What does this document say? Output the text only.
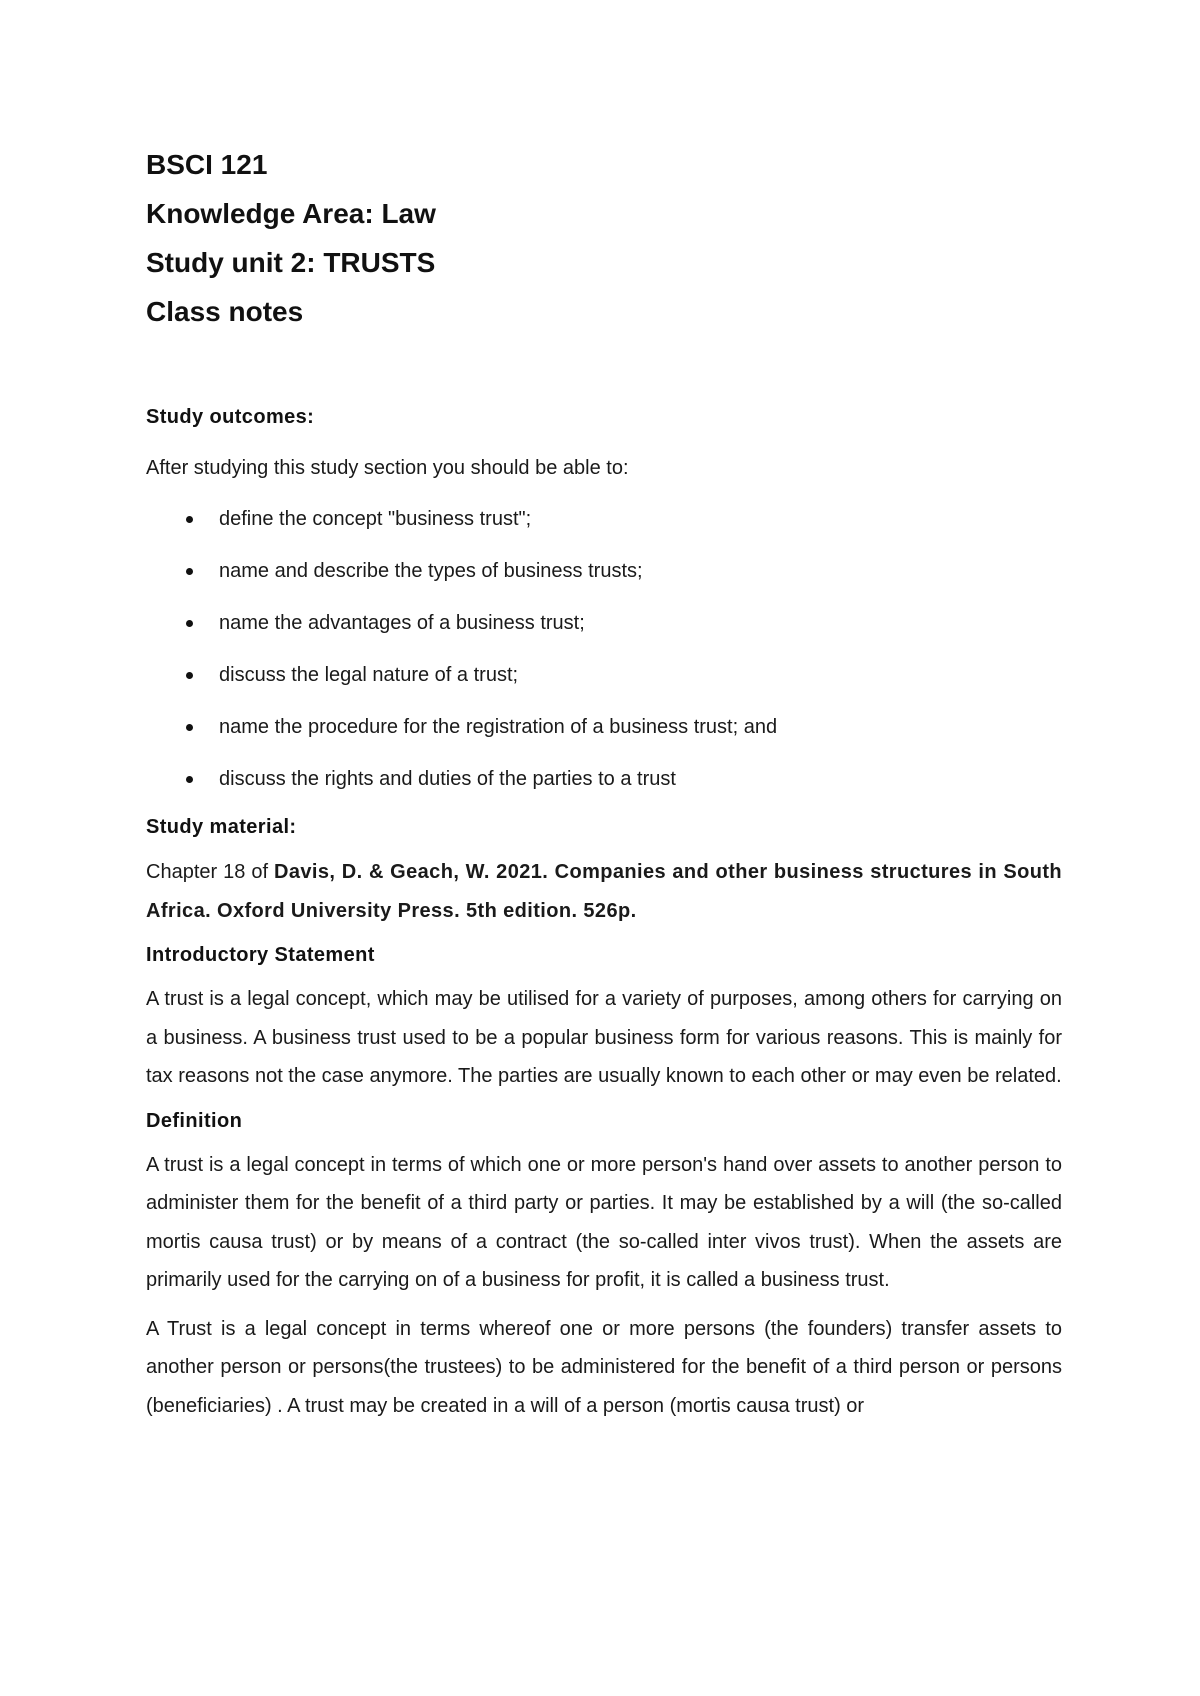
BSCI 121

Knowledge Area: Law

Study unit 2: TRUSTS

Class notes

Study outcomes:

After studying this study section you should be able to:

define the concept "business trust";
name and describe the types of business trusts;
name the advantages of a business trust;
discuss the legal nature of a trust;
name the procedure for the registration of a business trust; and
discuss the rights and duties of the parties to a trust

Study material:

Chapter 18 of Davis, D. & Geach, W. 2021. Companies and other business structures in South Africa. Oxford University Press. 5th edition. 526p.

Introductory Statement

A trust is a legal concept, which may be utilised for a variety of purposes, among others for carrying on a business. A business trust used to be a popular business form for various reasons. This is mainly for tax reasons not the case anymore. The parties are usually known to each other or may even be related.

Definition

A trust is a legal concept in terms of which one or more person's hand over assets to another person to administer them for the benefit of a third party or parties. It may be established by a will (the so-called mortis causa trust) or by means of a contract (the so-called inter vivos trust). When the assets are primarily used for the carrying on of a business for profit, it is called a business trust.

A Trust is a legal concept in terms whereof one or more persons (the founders) transfer assets to another person or persons(the trustees) to be administered for the benefit of a third person or persons (beneficiaries) . A trust may be created in a will of a person (mortis causa trust) or
